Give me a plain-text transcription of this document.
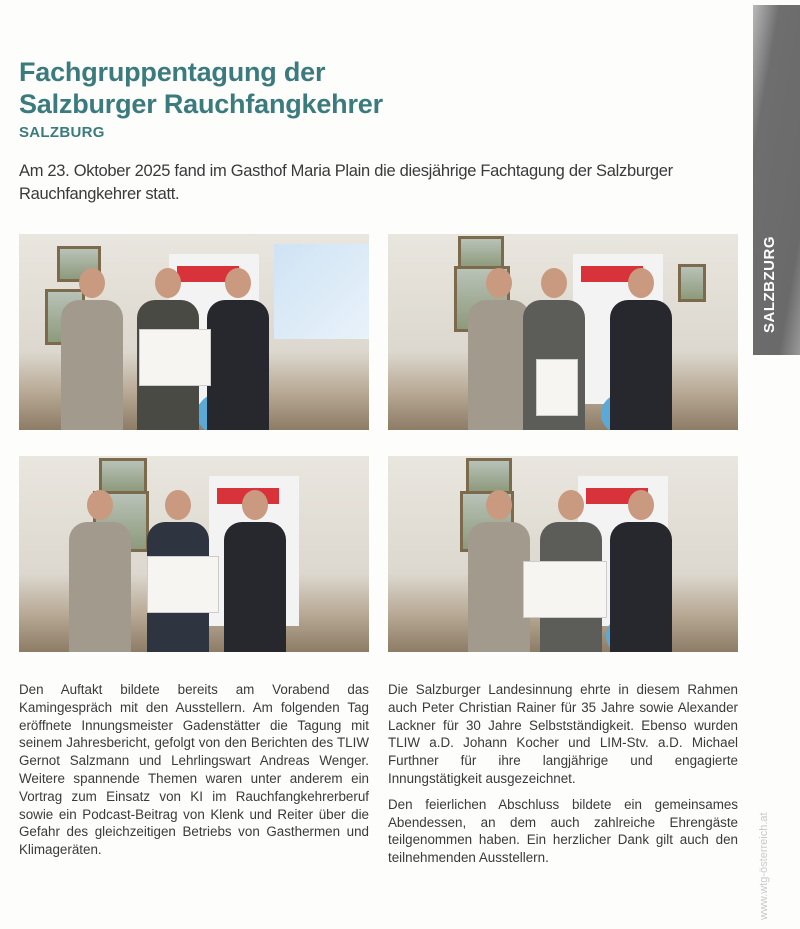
Fachgruppentagung der
Salzburger Rauchfangkehrer
SALZBURG
Am 23. Oktober 2025 fand im Gasthof Maria Plain die diesjährige Fachtagung der Salzburger Rauchfangkehrer statt.

Den Auftakt bildete bereits am Vorabend das Kamingespräch mit den Ausstellern. Am folgenden Tag eröffnete Innungsmeister Gadenstätter die Tagung mit seinem Jahresbericht, gefolgt von den Berichten des TLIW Gernot Salzmann und Lehrlingswart Andreas Wenger. Weitere spannende Themen waren unter anderem ein Vortrag zum Einsatz von KI im Rauchfangkehrerberuf sowie ein Podcast-Beitrag von Klenk und Reiter über die Gefahr des gleichzeitigen Betriebs von Gasthermen und Klimageräten.

Die Salzburger Landesinnung ehrte in diesem Rahmen auch Peter Christian Rainer für 35 Jahre sowie Alexander Lackner für 30 Jahre Selbstständigkeit. Ebenso wurden TLIW a.D. Johann Kocher und LIM-Stv. a.D. Michael Furthner für ihre langjährige und engagierte Innungstätigkeit ausgezeichnet.

Den feierlichen Abschluss bildete ein gemeinsames Abendessen, an dem auch zahlreiche Ehrengäste teilgenommen haben. Ein herzlicher Dank gilt auch den teilnehmenden Ausstellern.

SALZBZURG
www.wtg-österreich.at
